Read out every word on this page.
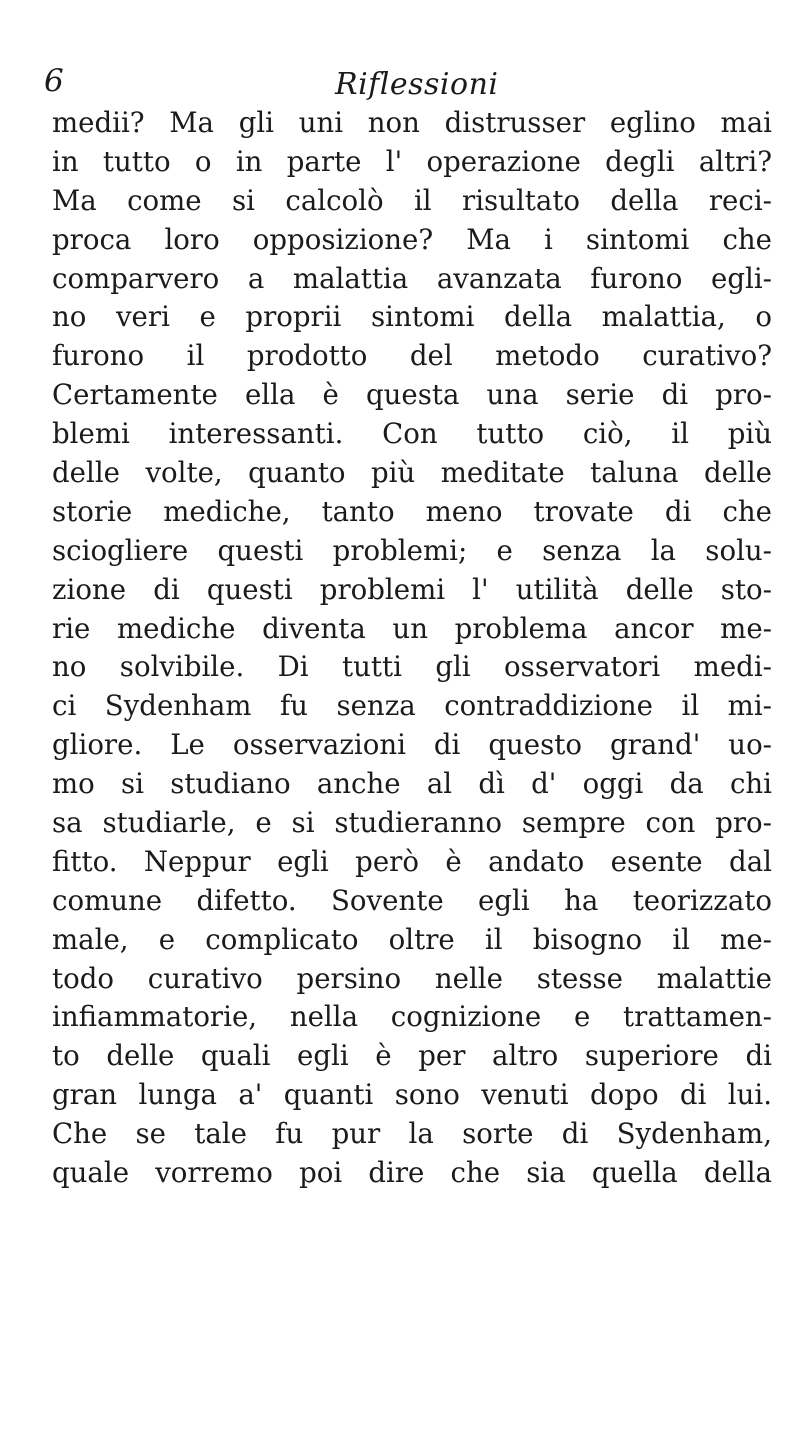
6	Riflessioni
medii? Ma gli uni non distrusser eglino mai
in tutto o in parte l' operazione degli altri?
Ma come si calcolò il risultato della reci-
proca loro opposizione? Ma i sintomi che
comparvero a malattia avanzata furono egli-
no veri e proprii sintomi della malattia, o
furono il prodotto del metodo curativo?
Certamente ella è questa una serie di pro-
blemi interessanti. Con tutto ciò, il più
delle volte, quanto più meditate taluna delle
storie mediche, tanto meno trovate di che
sciogliere questi problemi; e senza la solu-
zione di questi problemi l' utilità delle sto-
rie mediche diventa un problema ancor me-
no solvibile. Di tutti gli osservatori medi-
ci Sydenham fu senza contraddizione il mi-
gliore. Le osservazioni di questo grand' uo-
mo si studiano anche al dì d' oggi da chi
sa studiarle, e si studieranno sempre con pro-
fitto. Neppur egli però è andato esente dal
comune difetto. Sovente egli ha teorizzato
male, e complicato oltre il bisogno il me-
todo curativo persino nelle stesse malattie
infiammatorie, nella cognizione e trattamen-
to delle quali egli è per altro superiore di
gran lunga a' quanti sono venuti dopo di lui.
Che se tale fu pur la sorte di Sydenham,
quale vorremo poi dire che sia quella della
